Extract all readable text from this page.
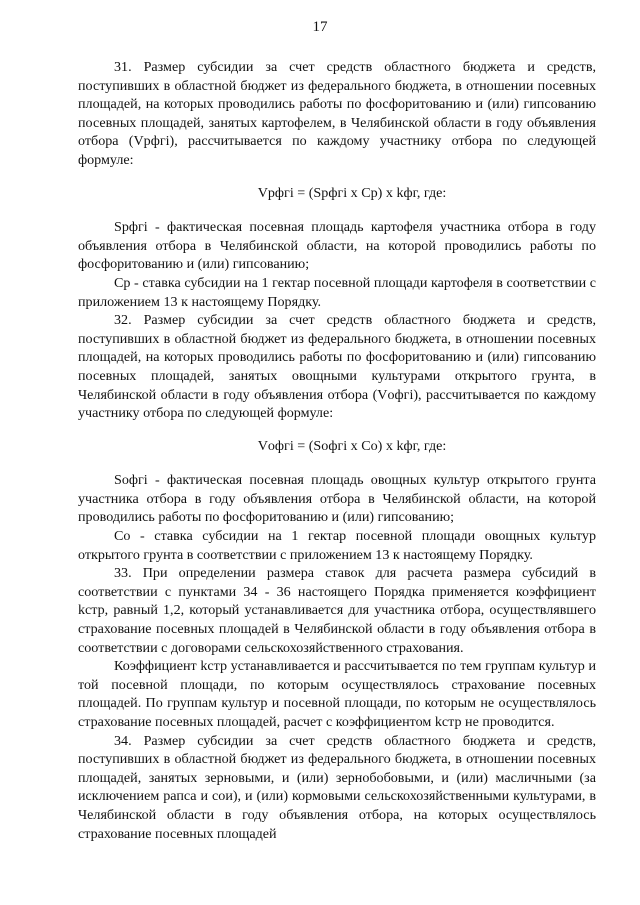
17

31. Размер субсидии за счет средств областного бюджета и средств, поступивших в областной бюджет из федерального бюджета, в отношении посевных площадей, на которых проводились работы по фосфоритованию и (или) гипсованию посевных площадей, занятых картофелем, в Челябинской области в году объявления отбора (Vpфгi), рассчитывается по каждому участнику отбора по следующей формуле:

Vpфгi = (Spфгi x Cp) x kфг, где:

Spфгi - фактическая посевная площадь картофеля участника отбора в году объявления отбора в Челябинской области, на которой проводились работы по фосфоритованию и (или) гипсованию;

Cp - ставка субсидии на 1 гектар посевной площади картофеля в соответствии с приложением 13 к настоящему Порядку.

32. Размер субсидии за счет средств областного бюджета и средств, поступивших в областной бюджет из федерального бюджета, в отношении посевных площадей, на которых проводились работы по фосфоритованию и (или) гипсованию посевных площадей, занятых овощными культурами открытого грунта, в Челябинской области в году объявления отбора (Vофгi), рассчитывается по каждому участнику отбора по следующей формуле:

Vофгi = (Sофгi x Co) x kфг, где:

Sофгi - фактическая посевная площадь овощных культур открытого грунта участника отбора в году объявления отбора в Челябинской области, на которой проводились работы по фосфоритованию и (или) гипсованию;

Co - ставка субсидии на 1 гектар посевной площади овощных культур открытого грунта в соответствии с приложением 13 к настоящему Порядку.

33. При определении размера ставок для расчета размера субсидий в соответствии с пунктами 34 - 36 настоящего Порядка применяется коэффициент kстр, равный 1,2, который устанавливается для участника отбора, осуществлявшего страхование посевных площадей в Челябинской области в году объявления отбора в соответствии с договорами сельскохозяйственного страхования.

Коэффициент kстр устанавливается и рассчитывается по тем группам культур и той посевной площади, по которым осуществлялось страхование посевных площадей. По группам культур и посевной площади, по которым не осуществлялось страхование посевных площадей, расчет с коэффициентом kстр не проводится.

34. Размер субсидии за счет средств областного бюджета и средств, поступивших в областной бюджет из федерального бюджета, в отношении посевных площадей, занятых зерновыми, и (или) зернобобовыми, и (или) масличными (за исключением рапса и сои), и (или) кормовыми сельскохозяйственными культурами, в Челябинской области в году объявления отбора, на которых осуществлялось страхование посевных площадей
